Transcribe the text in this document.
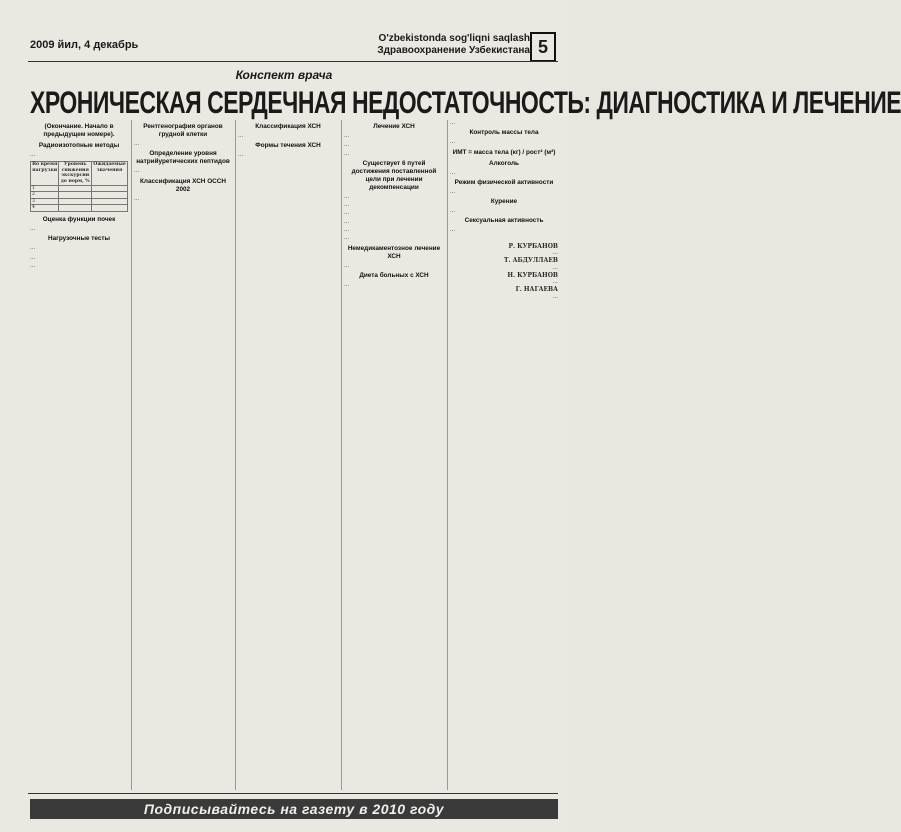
2009 йил, 4 декабрь
O'zbekistonda sog'liqni saqlash
Здравоохранение Узбекистана 5
Конспект врача
ХРОНИЧЕСКАЯ СЕРДЕЧНАЯ НЕДОСТАТОЧНОСТЬ: ДИАГНОСТИКА И ЛЕЧЕНИЕ
(Окончание. Начало в предыдущем номере).
Радиоизотопные методы

…

Во время нагрузки	Уровень снижения экскурсии до норм, %	Ожидаемые значения
1		
2		
3		
4		
Оценка функции почек

…

Нагрузочные тесты

…

…

…

Рентгенография органов грудной клетки

…

Определение уровня натрийуретических пептидов

…

Классификация ХСН ОССН 2002

…

Классификация ХСН

…

Формы течения ХСН

…

Лечение ХСН

…

…

…

Существует 6 путей достижения поставленной цели при лечении декомпенсации

…

…

…

…

…

…

Немедикаментозное лечение ХСН

…

Диета больных с ХСН

…

…

Контроль массы тела

…

ИМТ = масса тела (кг) / рост² (м²)
Алкоголь

…

Режим физической активности

…

Курение

…

Сексуальная активность

…

Р. КУРБАНОВ
…
Т. АБДУЛЛАЕВ
…
Н. КУРБАНОВ
…
Г. НАГАЕВА
…
Подписывайтесь на газету в 2010 году
